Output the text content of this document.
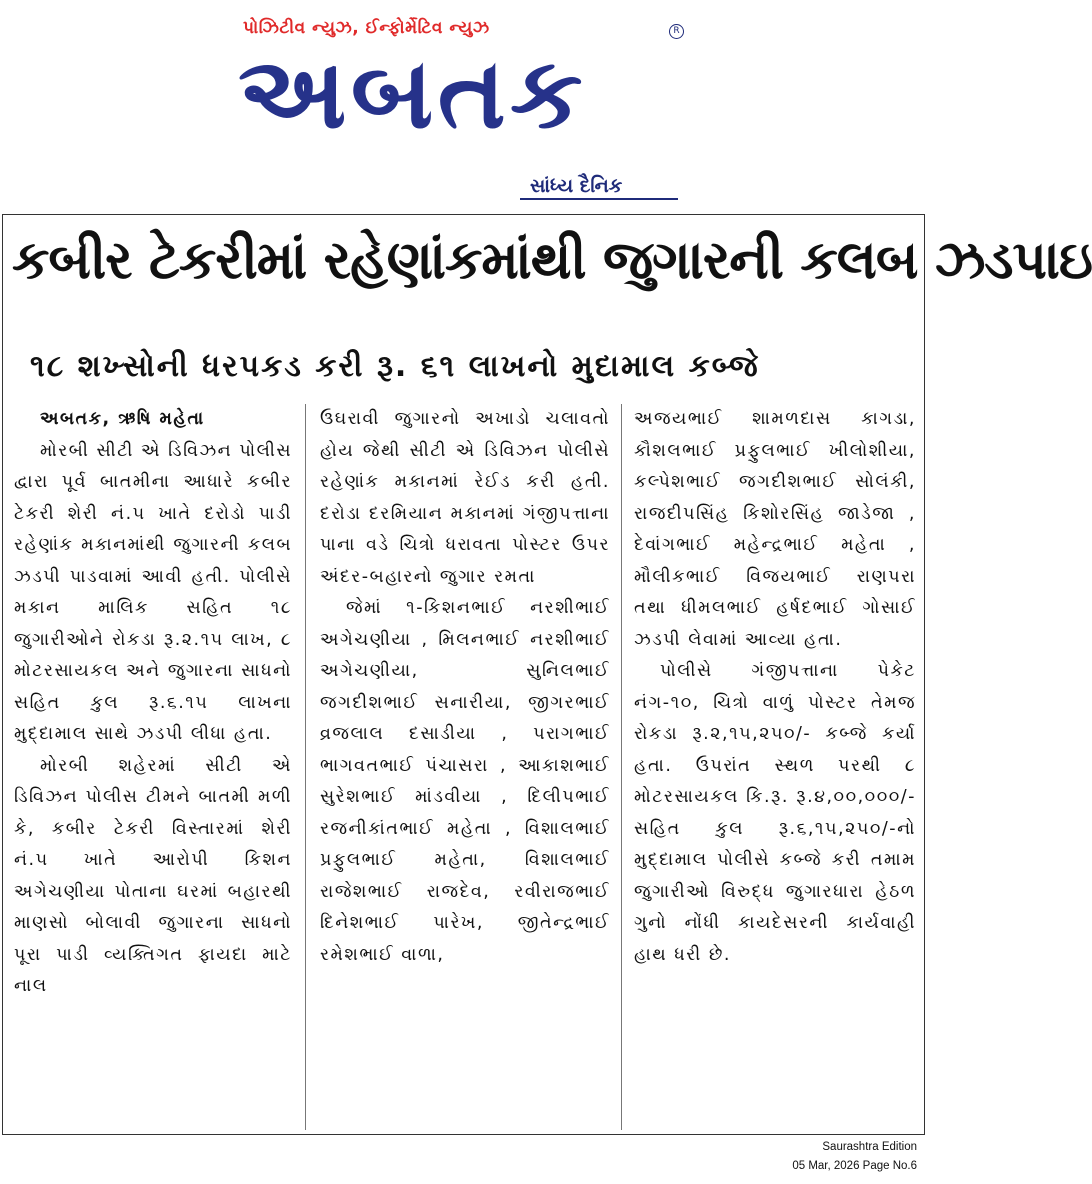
પોઝિટીવ ન્યુઝ, ઈન્ફોર્મેટિવ ન્યુઝ	R
અબતક
સાંધ્ય દૈનિક
કબીર ટેકરીમાં રહેણાંકમાંથી જુગારની કલબ ઝડપાઇ
૧૮ શખ્સોની ધરપકડ કરી રૂ. ૬૧ લાખનો મુદામાલ કબ્જે

અબતક, ઋષિ મહેતા

મોરબી સીટી એ ડિવિઝન પોલીસ દ્વારા પૂર્વ બાતમીના આધારે કબીર ટેકરી શેરી નં.૫ ખાતે દરોડો પાડી રહેણાંક મકાનમાંથી જુગારની કલબ ઝડપી પાડવામાં આવી હતી. પોલીસે મકાન માલિક સહિત ૧૮ જુગારીઓને રોકડા રૂ.૨.૧૫ લાખ, ૮ મોટરસાયકલ અને જુગારના સાધનો સહિત કુલ રૂ.૬.૧૫ લાખના મુદ્દામાલ સાથે ઝડપી લીધા હતા.

મોરબી શહેરમાં સીટી એ ડિવિઝન પોલીસ ટીમને બાતમી મળી કે, કબીર ટેકરી વિસ્તારમાં શેરી નં.૫ ખાતે આરોપી કિશન અગેચણીયા પોતાના ઘરમાં બહારથી માણસો બોલાવી જુગારના સાધનો પૂરા પાડી વ્યક્તિગત ફાયદા માટે નાલ

ઉઘરાવી જુગારનો અખાડો ચલાવતો હોય જેથી સીટી એ ડિવિઝન પોલીસે રહેણાંક મકાનમાં રેઈડ કરી હતી. દરોડા દરમિયાન મકાનમાં ગંજીપત્તાના પાના વડે ચિત્રો ધરાવતા પોસ્ટર ઉપર અંદર-બહારનો જુગાર રમતા

જેમાં ૧-કિશનભાઈ નરશીભાઈ અગેચણીયા , મિલનભાઈ નરશીભાઈ અગેચણીયા, સુનિલભાઈ જગદીશભાઈ સનારીયા, જીગરભાઈ વ્રજલાલ દસાડીયા , પરાગભાઈ ભાગવતભાઈ પંચાસરા , આકાશભાઈ સુરેશભાઈ માંડવીયા , દિલીપભાઈ રજનીકાંતભાઈ મહેતા , વિશાલભાઈ પ્રફુલભાઈ મહેતા, વિશાલભાઈ રાજેશભાઈ રાજદેવ, રવીરાજભાઈ દિનેશભાઈ પારેખ, જીતેન્દ્રભાઈ રમેશભાઈ વાળા,

અજયભાઈ શામળદાસ કાગડા, કૌશલભાઈ પ્રફુલભાઈ ખીલોશીયા, કલ્પેશભાઈ જગદીશભાઈ સોલંકી, રાજદીપસિંહ કિશોરસિંહ જાડેજા , દેવાંગભાઈ મહેન્દ્રભાઈ મહેતા , મૌલીકભાઈ વિજયભાઈ રાણપરા તથા ધીમલભાઈ હર્ષદભાઈ ગોસાઈ ઝડપી લેવામાં આવ્યા હતા.

પોલીસે ગંજીપત્તાના પેકેટ નંગ-૧૦, ચિત્રો વાળું પોસ્ટર તેમજ રોકડા રૂ.૨,૧૫,૨૫૦/- કબ્જે કર્યા હતા. ઉપરાંત સ્થળ પરથી ૮ મોટરસાયકલ કિ.રૂ. રૂ.૪,૦૦,૦૦૦/- સહિત કુલ રૂ.૬,૧૫,૨૫૦/-નો મુદ્દામાલ પોલીસે કબ્જે કરી તમામ જુગારીઓ વિરુદ્ધ જુગારધારા હેઠળ ગુનો નોંધી કાયદેસરની કાર્યવાહી હાથ ધરી છે.

Saurashtra Edition
05 Mar, 2026 Page No.6
